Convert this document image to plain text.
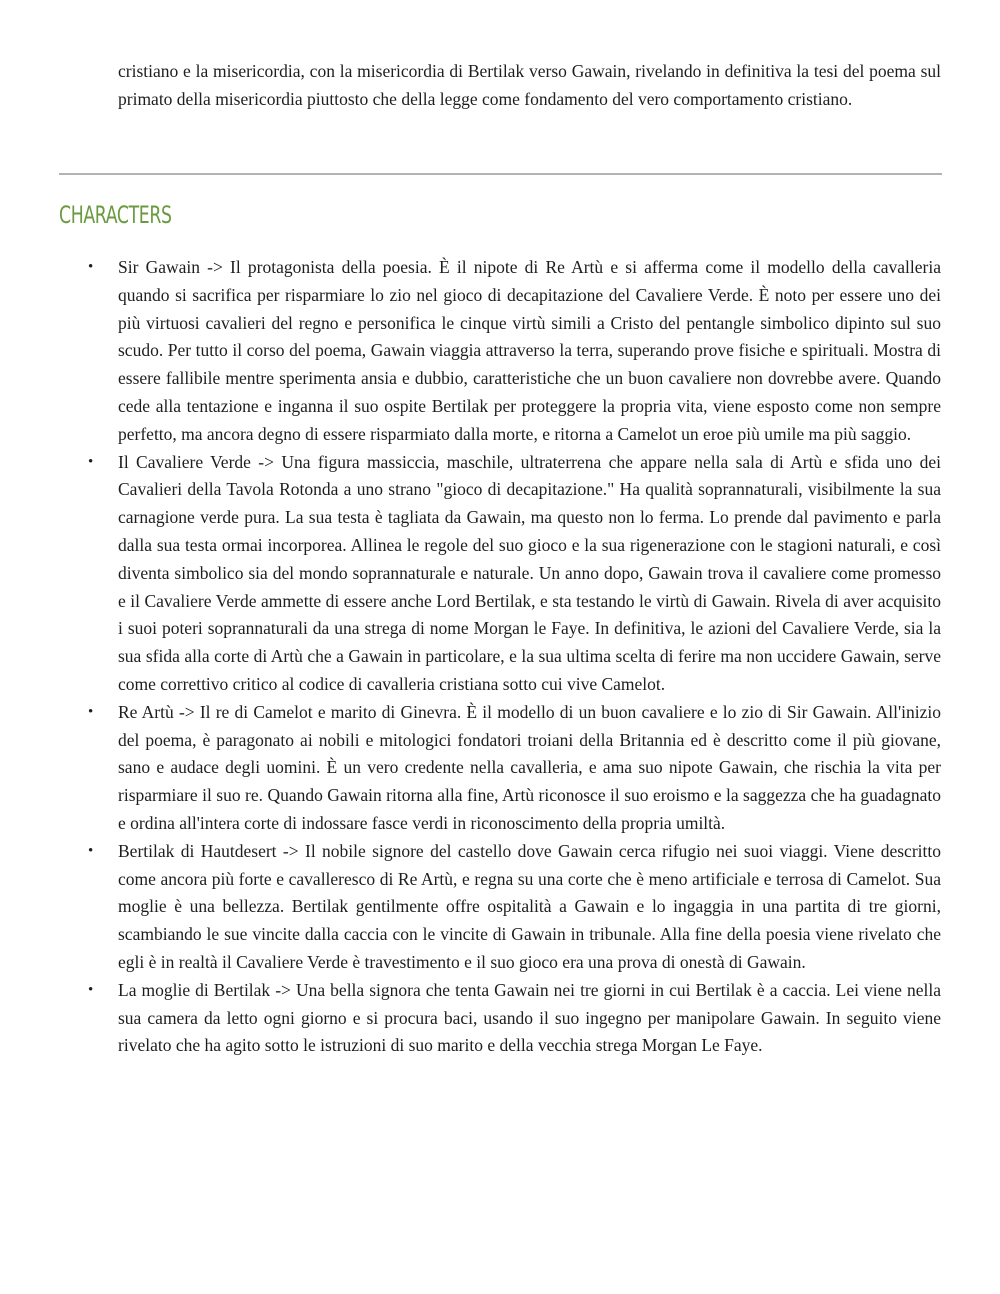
cristiano e la misericordia, con la misericordia di Bertilak verso Gawain, rivelando in definitiva la tesi del poema sul primato della misericordia piuttosto che della legge come fondamento del vero comportamento cristiano.

CHARACTERS
• Sir Gawain -> Il protagonista della poesia. È il nipote di Re Artù e si afferma come il modello della cavalleria quando si sacrifica per risparmiare lo zio nel gioco di decapitazione del Cavaliere Verde. È noto per essere uno dei più virtuosi cavalieri del regno e personifica le cinque virtù simili a Cristo del pentangle simbolico dipinto sul suo scudo. Per tutto il corso del poema, Gawain viaggia attraverso la terra, superando prove fisiche e spirituali. Mostra di essere fallibile mentre sperimenta ansia e dubbio, caratteristiche che un buon cavaliere non dovrebbe avere. Quando cede alla tentazione e inganna il suo ospite Bertilak per proteggere la propria vita, viene esposto come non sempre perfetto, ma ancora degno di essere risparmiato dalla morte, e ritorna a Camelot un eroe più umile ma più saggio.
• Il Cavaliere Verde -> Una figura massiccia, maschile, ultraterrena che appare nella sala di Artù e sfida uno dei Cavalieri della Tavola Rotonda a uno strano "gioco di decapitazione." Ha qualità soprannaturali, visibilmente la sua carnagione verde pura. La sua testa è tagliata da Gawain, ma questo non lo ferma. Lo prende dal pavimento e parla dalla sua testa ormai incorporea. Allinea le regole del suo gioco e la sua rigenerazione con le stagioni naturali, e così diventa simbolico sia del mondo soprannaturale e naturale. Un anno dopo, Gawain trova il cavaliere come promesso e il Cavaliere Verde ammette di essere anche Lord Bertilak, e sta testando le virtù di Gawain. Rivela di aver acquisito i suoi poteri soprannaturali da una strega di nome Morgan le Faye. In definitiva, le azioni del Cavaliere Verde, sia la sua sfida alla corte di Artù che a Gawain in particolare, e la sua ultima scelta di ferire ma non uccidere Gawain, serve come correttivo critico al codice di cavalleria cristiana sotto cui vive Camelot.
• Re Artù -> Il re di Camelot e marito di Ginevra. È il modello di un buon cavaliere e lo zio di Sir Gawain. All'inizio del poema, è paragonato ai nobili e mitologici fondatori troiani della Britannia ed è descritto come il più giovane, sano e audace degli uomini. È un vero credente nella cavalleria, e ama suo nipote Gawain, che rischia la vita per risparmiare il suo re. Quando Gawain ritorna alla fine, Artù riconosce il suo eroismo e la saggezza che ha guadagnato e ordina all'intera corte di indossare fasce verdi in riconoscimento della propria umiltà.
• Bertilak di Hautdesert -> Il nobile signore del castello dove Gawain cerca rifugio nei suoi viaggi. Viene descritto come ancora più forte e cavalleresco di Re Artù, e regna su una corte che è meno artificiale e terrosa di Camelot. Sua moglie è una bellezza. Bertilak gentilmente offre ospitalità a Gawain e lo ingaggia in una partita di tre giorni, scambiando le sue vincite dalla caccia con le vincite di Gawain in tribunale. Alla fine della poesia viene rivelato che egli è in realtà il Cavaliere Verde è travestimento e il suo gioco era una prova di onestà di Gawain.
• La moglie di Bertilak -> Una bella signora che tenta Gawain nei tre giorni in cui Bertilak è a caccia. Lei viene nella sua camera da letto ogni giorno e si procura baci, usando il suo ingegno per manipolare Gawain. In seguito viene rivelato che ha agito sotto le istruzioni di suo marito e della vecchia strega Morgan Le Faye.
